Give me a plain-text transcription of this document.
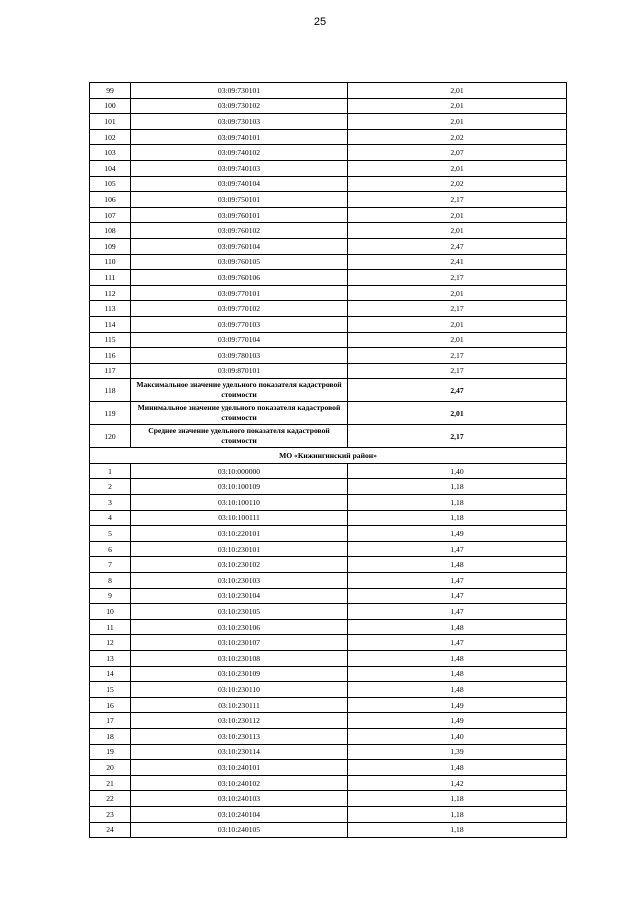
25
99	03:09:730101	2,01
100	03:09:730102	2,01
101	03:09:730103	2,01
102	03:09:740101	2,02
103	03:09:740102	2,07
104	03:09:740103	2,01
105	03:09:740104	2,02
106	03:09:750101	2,17
107	03:09:760101	2,01
108	03:09:760102	2,01
109	03:09:760104	2,47
110	03:09:760105	2,41
111	03:09:760106	2,17
112	03:09:770101	2,01
113	03:09:770102	2,17
114	03:09:770103	2,01
115	03:09:770104	2,01
116	03:09:780103	2,17
117	03:09:870101	2,17
118	Максимальное значение удельного показателя кадастровой стоимости	2,47
119	Минимальное значение удельного показателя кадастровой стоимости	2,01
120	Среднее значение удельного показателя кадастровой стоимости	2,17
МО «Кижингинский район»		
1	03:10:000000	1,40
2	03:10:100109	1,18
3	03:10:100110	1,18
4	03:10:100111	1,18
5	03:10:220101	1,49
6	03:10:230101	1,47
7	03:10:230102	1,48
8	03:10:230103	1,47
9	03:10:230104	1,47
10	03:10:230105	1,47
11	03:10:230106	1,48
12	03:10:230107	1,47
13	03:10:230108	1,48
14	03:10:230109	1,48
15	03:10:230110	1,48
16	03:10:230111	1,49
17	03:10:230112	1,49
18	03:10:230113	1,40
19	03:10:230114	1,39
20	03:10:240101	1,48
21	03:10:240102	1,42
22	03:10:240103	1,18
23	03:10:240104	1,18
24	03:10:240105	1,18
